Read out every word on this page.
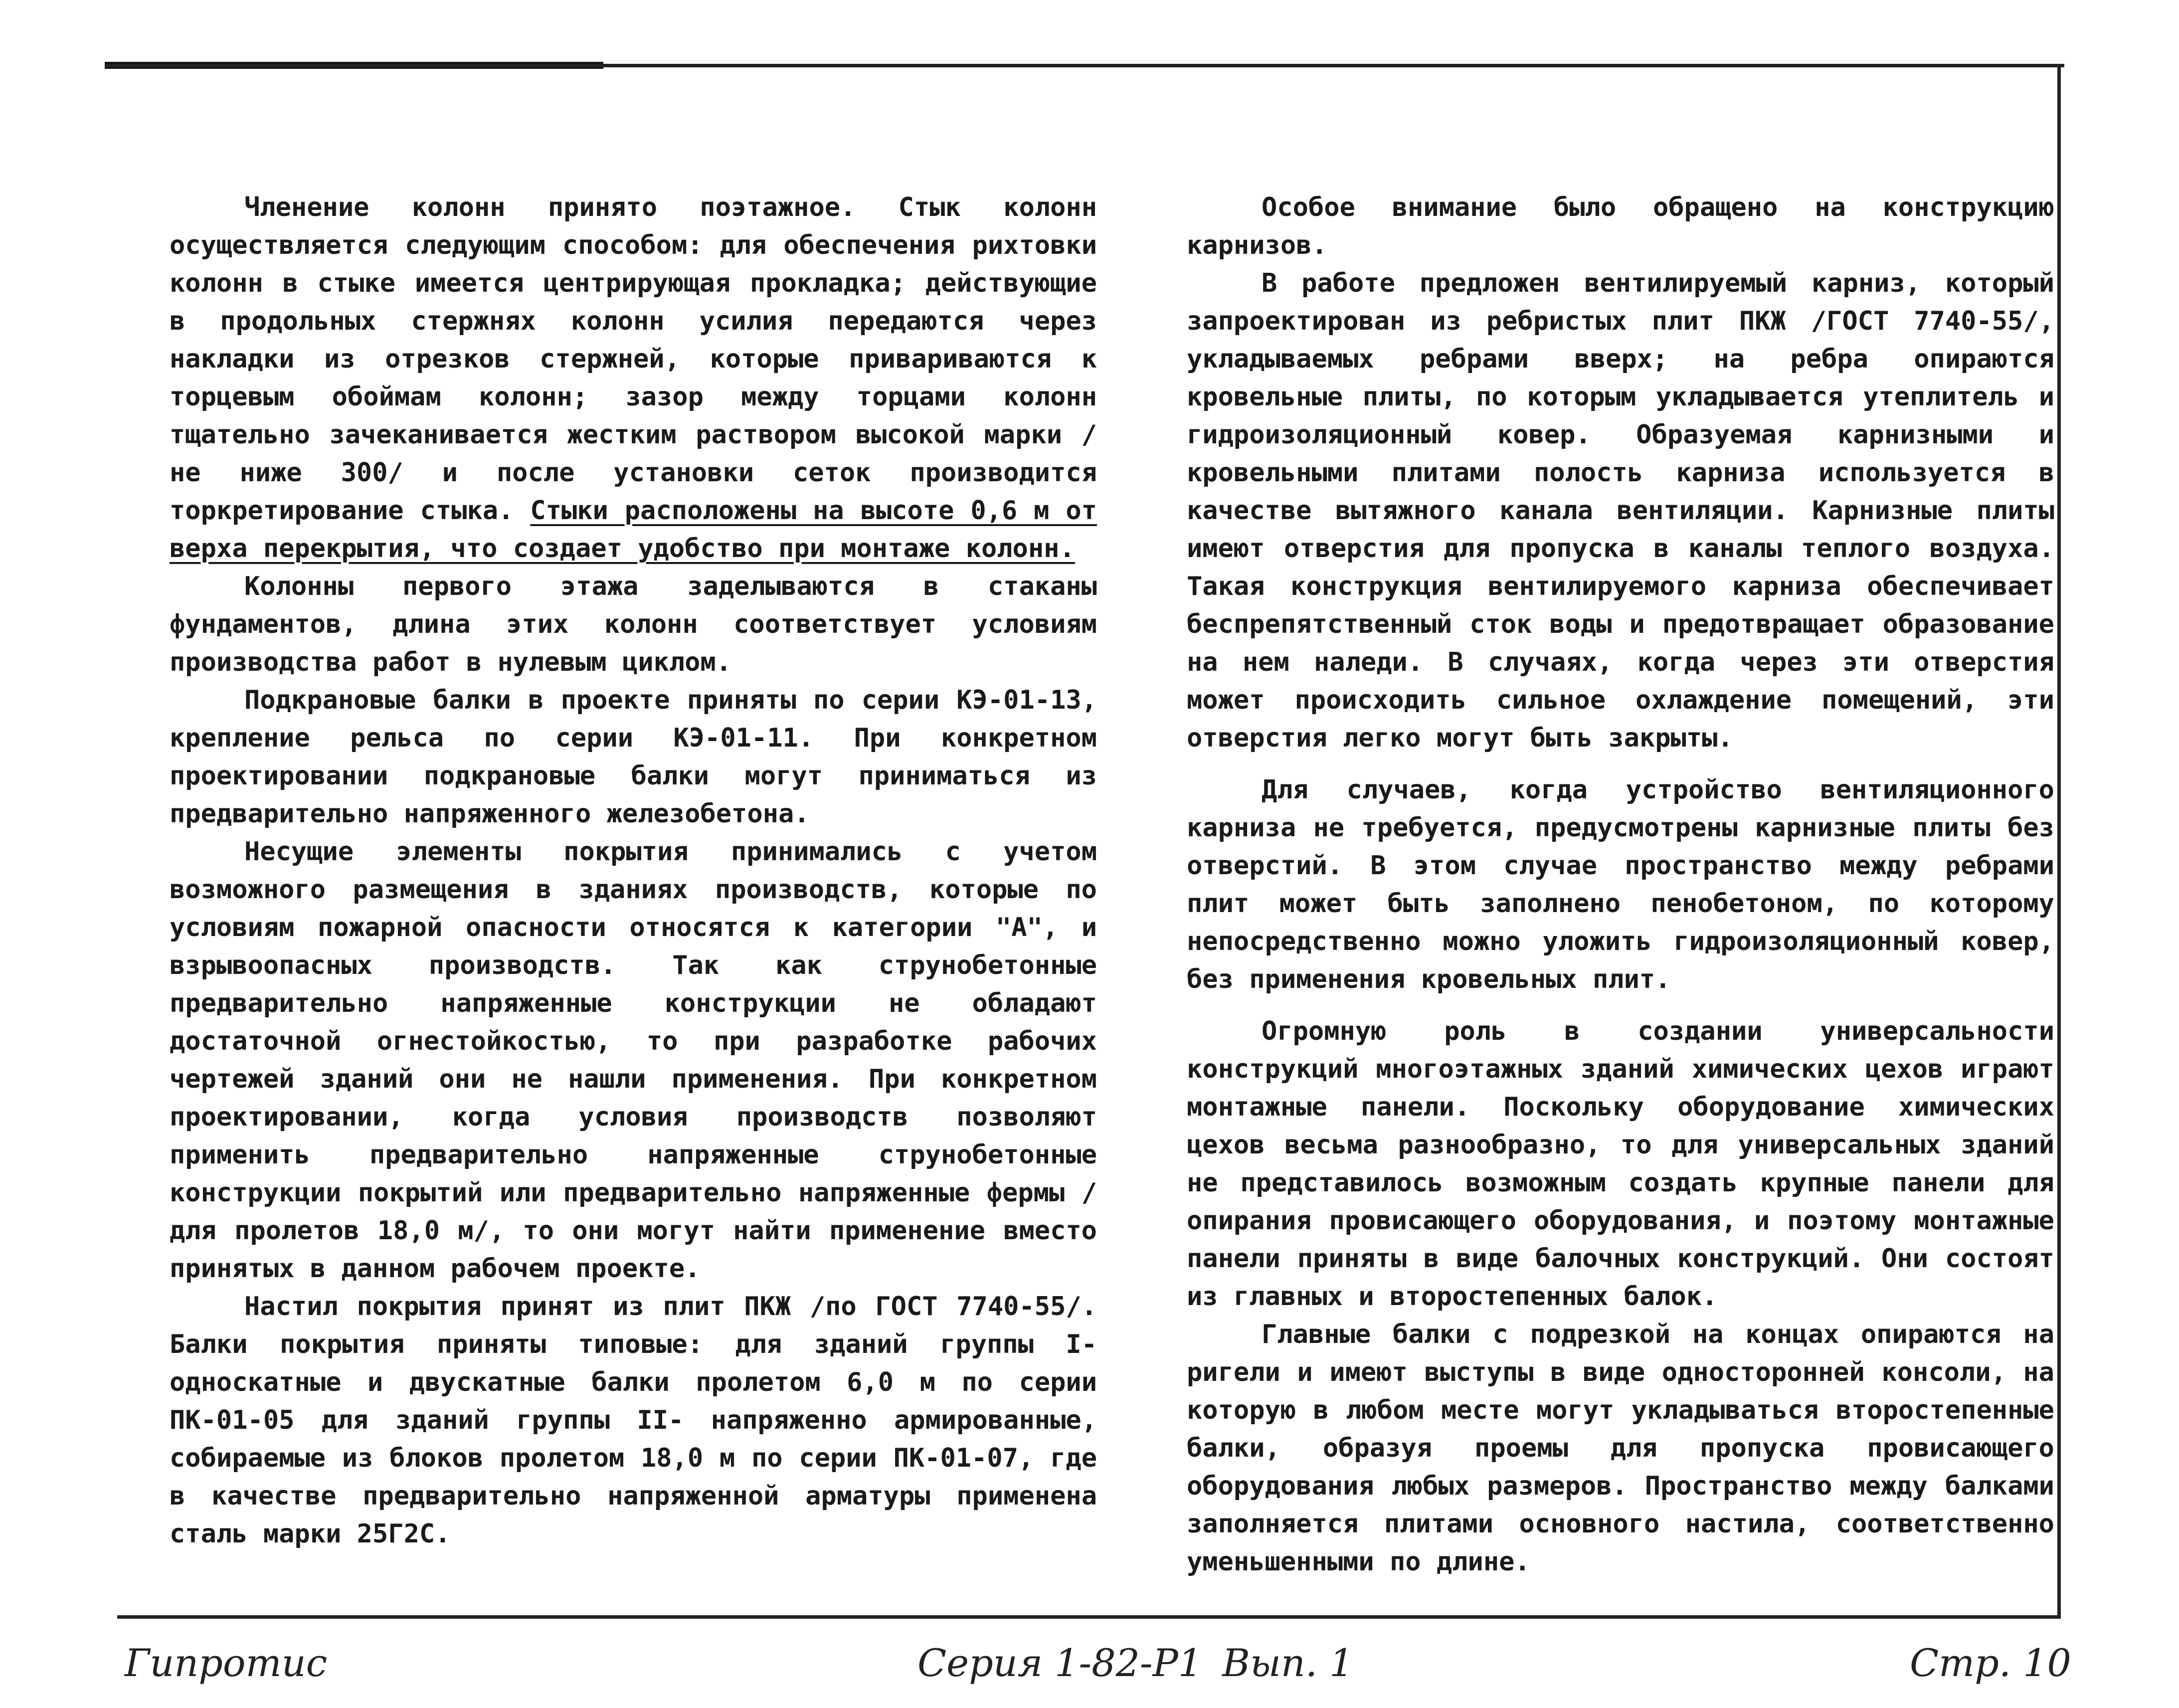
Членение колонн принято поэтажное. Стык колонн осуществляется следующим способом: для обеспечения рихтовки колонн в стыке имеется центрирующая прокладка; действующие в продольных стержнях колонн усилия передаются через накладки из отрезков стержней, которые привариваются к торцевым обоймам колонн; зазор между торцами колонн тщательно зачеканивается жестким раствором высокой марки /не ниже 300/ и после установки сеток производится торкретирование стыка. Стыки расположены на высоте 0,6 м от верха перекрытия, что создает удобство при монтаже колонн.

Колонны первого этажа заделываются в стаканы фундаментов, длина этих колонн соответствует условиям производства работ в нулевым циклом.

Подкрановые балки в проекте приняты по серии КЭ-01-13, крепление рельса по серии КЭ-01-11. При конкретном проектировании подкрановые балки могут приниматься из предварительно напряженного железобетона.

Несущие элементы покрытия принимались с учетом возможного размещения в зданиях производств, которые по условиям пожарной опасности относятся к категории "А", и взрывоопасных производств. Так как струнобетонные предварительно напряженные конструкции не обладают достаточной огнестойкостью, то при разработке рабочих чертежей зданий они не нашли применения. При конкретном проектировании, когда условия производств позволяют применить предварительно напряженные струнобетонные конструкции покрытий или предварительно напряженные фермы /для пролетов 18,0 м/, то они могут найти применение вместо принятых в данном рабочем проекте.

Настил покрытия принят из плит ПКЖ /по ГОСТ 7740-55/. Балки покрытия приняты типовые: для зданий группы I- односкатные и двускатные балки пролетом 6,0 м по серии ПК-01-05 для зданий группы II- напряженно армированные, собираемые из блоков пролетом 18,0 м по серии ПК-01-07, где в качестве предварительно напряженной арматуры применена сталь марки 25Г2С.

Особое внимание было обращено на конструкцию карнизов.

В работе предложен вентилируемый карниз, который запроектирован из ребристых плит ПКЖ /ГОСТ 7740-55/, укладываемых ребрами вверх; на ребра опираются кровельные плиты, по которым укладывается утеплитель и гидроизоляционный ковер. Образуемая карнизными и кровельными плитами полость карниза используется в качестве вытяжного канала вентиляции. Карнизные плиты имеют отверстия для пропуска в каналы теплого воздуха. Такая конструкция вентилируемого карниза обеспечивает беспрепятственный сток воды и предотвращает образование на нем наледи. В случаях, когда через эти отверстия может происходить сильное охлаждение помещений, эти отверстия легко могут быть закрыты.

Для случаев, когда устройство вентиляционного карниза не требуется, предусмотрены карнизные плиты без отверстий. В этом случае пространство между ребрами плит может быть заполнено пенобетоном, по которому непосредственно можно уложить гидроизоляционный ковер, без применения кровельных плит.

Огромную роль в создании универсальности конструкций многоэтажных зданий химических цехов играют монтажные панели. Поскольку оборудование химических цехов весьма разнообразно, то для универсальных зданий не представилось возможным создать крупные панели для опирания провисающего оборудования, и поэтому монтажные панели приняты в виде балочных конструкций. Они состоят из главных и второстепенных балок.

Главные балки с подрезкой на концах опираются на ригели и имеют выступы в виде односторонней консоли, на которую в любом месте могут укладываться второстепенные балки, образуя проемы для пропуска провисающего оборудования любых размеров. Пространство между балками заполняется плитами основного настила, соответственно уменьшенными по длине.

Гипротис	Серия 1-82-Р1 Вып. 1	Стр. 10
